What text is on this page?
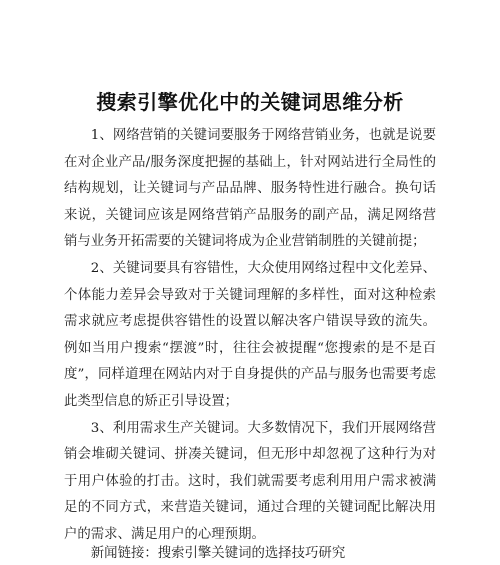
搜索引擎优化中的关键词思维分析

1、网络营销的关键词要服务于网络营销业务，也就是说要在对企业产品/服务深度把握的基础上，针对网站进行全局性的结构规划，让关键词与产品品牌、服务特性进行融合。换句话来说，关键词应该是网络营销产品服务的副产品，满足网络营销与业务开拓需要的关键词将成为企业营销制胜的关键前提；

2、关键词要具有容错性，大众使用网络过程中文化差异、个体能力差异会导致对于关键词理解的多样性，面对这种检索需求就应考虑提供容错性的设置以解决客户错误导致的流失。例如当用户搜索“摆渡”时，往往会被提醒“您搜索的是不是百度”，同样道理在网站内对于自身提供的产品与服务也需要考虑此类型信息的矫正引导设置；

3、利用需求生产关键词。大多数情况下，我们开展网络营销会堆砌关键词、拼凑关键词，但无形中却忽视了这种行为对于用户体验的打击。这时，我们就需要考虑利用用户需求被满足的不同方式，来营造关键词，通过合理的关键词配比解决用户的需求、满足用户的心理预期。

新闻链接：搜索引擎关键词的选择技巧研究
